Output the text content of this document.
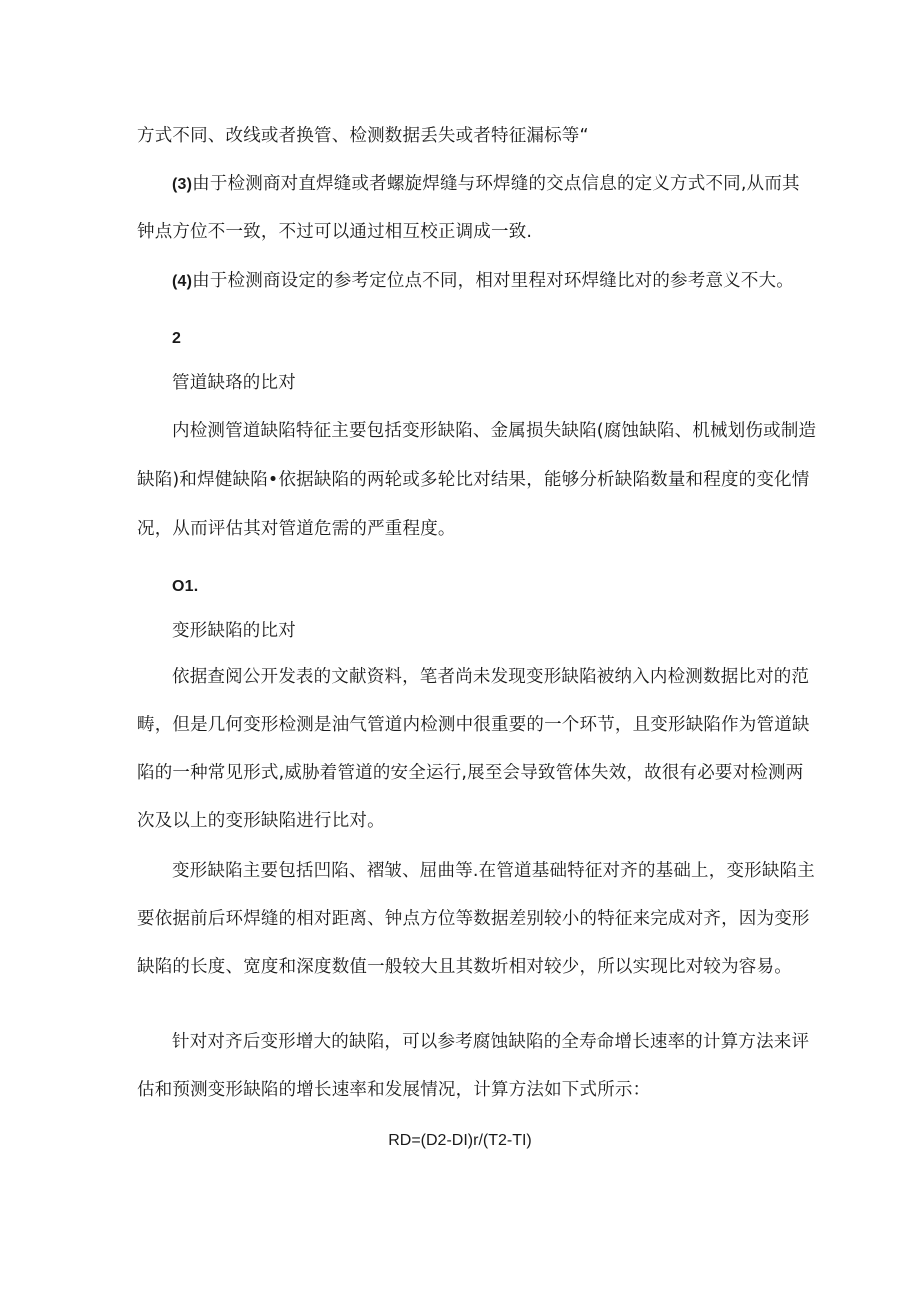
方式不同、改线或者换管、检测数据丢失或者特征漏标等“
(3)由于检测商对直焊缝或者螺旋焊缝与环焊缝的交点信息的定义方式不同,从而其
钟点方位不一致，不过可以通过相互校正调成一致.
(4)由于检测商设定的参考定位点不同，相对里程对环焊缝比对的参考意义不大。
2
管道缺珞的比对
内检测管道缺陷特征主要包括变形缺陷、金属损失缺陷(腐蚀缺陷、机械划伤或制造
缺陷)和焊健缺陷•依据缺陷的两轮或多轮比对结果，能够分析缺陷数量和程度的变化情
况，从而评估其对管道危需的严重程度。
O1.
变形缺陷的比对
依据查阅公开发表的文献资料，笔者尚未发现变形缺陷被纳入内检测数据比对的范
畴，但是几何变形检测是油气管道内检测中很重要的一个环节，且变形缺陷作为管道缺
陷的一种常见形式,威胁着管道的安全运行,展至会导致管体失效，故很有必要对检测两
次及以上的变形缺陷进行比对。
变形缺陷主要包括凹陷、褶皱、屈曲等.在管道基础特征对齐的基础上，变形缺陷主
要依据前后环焊缝的相对距离、钟点方位等数据差别较小的特征来完成对齐，因为变形
缺陷的长度、宽度和深度数值一般较大且其数圻相对较少，所以实现比对较为容易。
针对对齐后变形增大的缺陷，可以参考腐蚀缺陷的全寿命增长速率的计算方法来评
估和预测变形缺陷的增长速率和发展情况，计算方法如下式所示：
RD=(D2-DI)r/(T2-TI)
